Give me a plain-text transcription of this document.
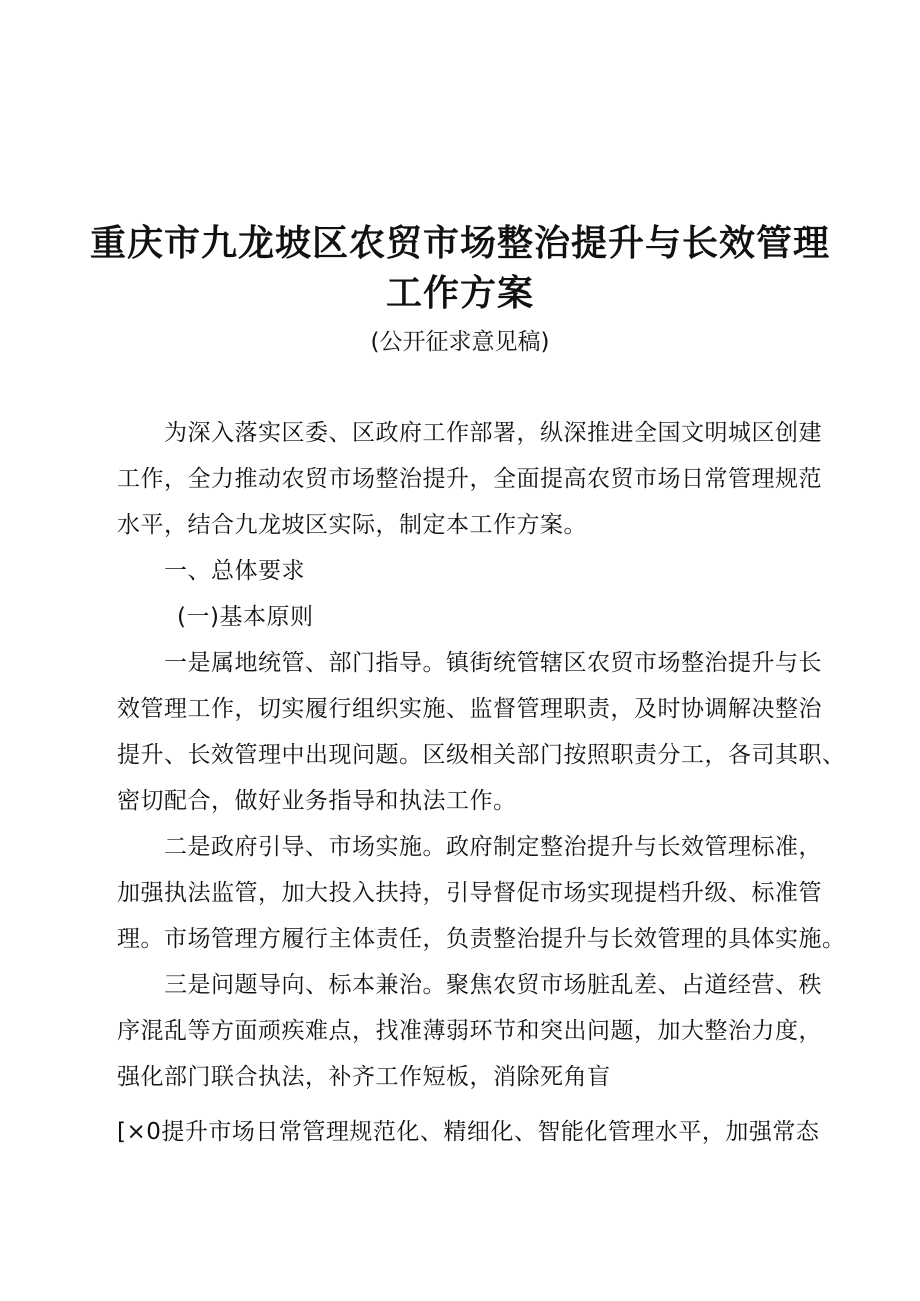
重庆市九龙坡区农贸市场整治提升与长效管理
工作方案
(公开征求意见稿)
为深入落实区委、区政府工作部署，纵深推进全国文明城区创建
工作，全力推动农贸市场整治提升，全面提高农贸市场日常管理规范
水平，结合九龙坡区实际，制定本工作方案。
一、总体要求
(一)基本原则
一是属地统管、部门指导。镇街统管辖区农贸市场整治提升与长
效管理工作，切实履行组织实施、监督管理职责，及时协调解决整治
提升、长效管理中出现问题。区级相关部门按照职责分工，各司其职、
密切配合，做好业务指导和执法工作。
二是政府引导、市场实施。政府制定整治提升与长效管理标准，
加强执法监管，加大投入扶持，引导督促市场实现提档升级、标准管
理。市场管理方履行主体责任，负责整治提升与长效管理的具体实施。
三是问题导向、标本兼治。聚焦农贸市场脏乱差、占道经营、秩
序混乱等方面顽疾难点，找准薄弱环节和突出问题，加大整治力度，
强化部门联合执法，补齐工作短板，消除死角盲
[×0提升市场日常管理规范化、精细化、智能化管理水平，加强常态
